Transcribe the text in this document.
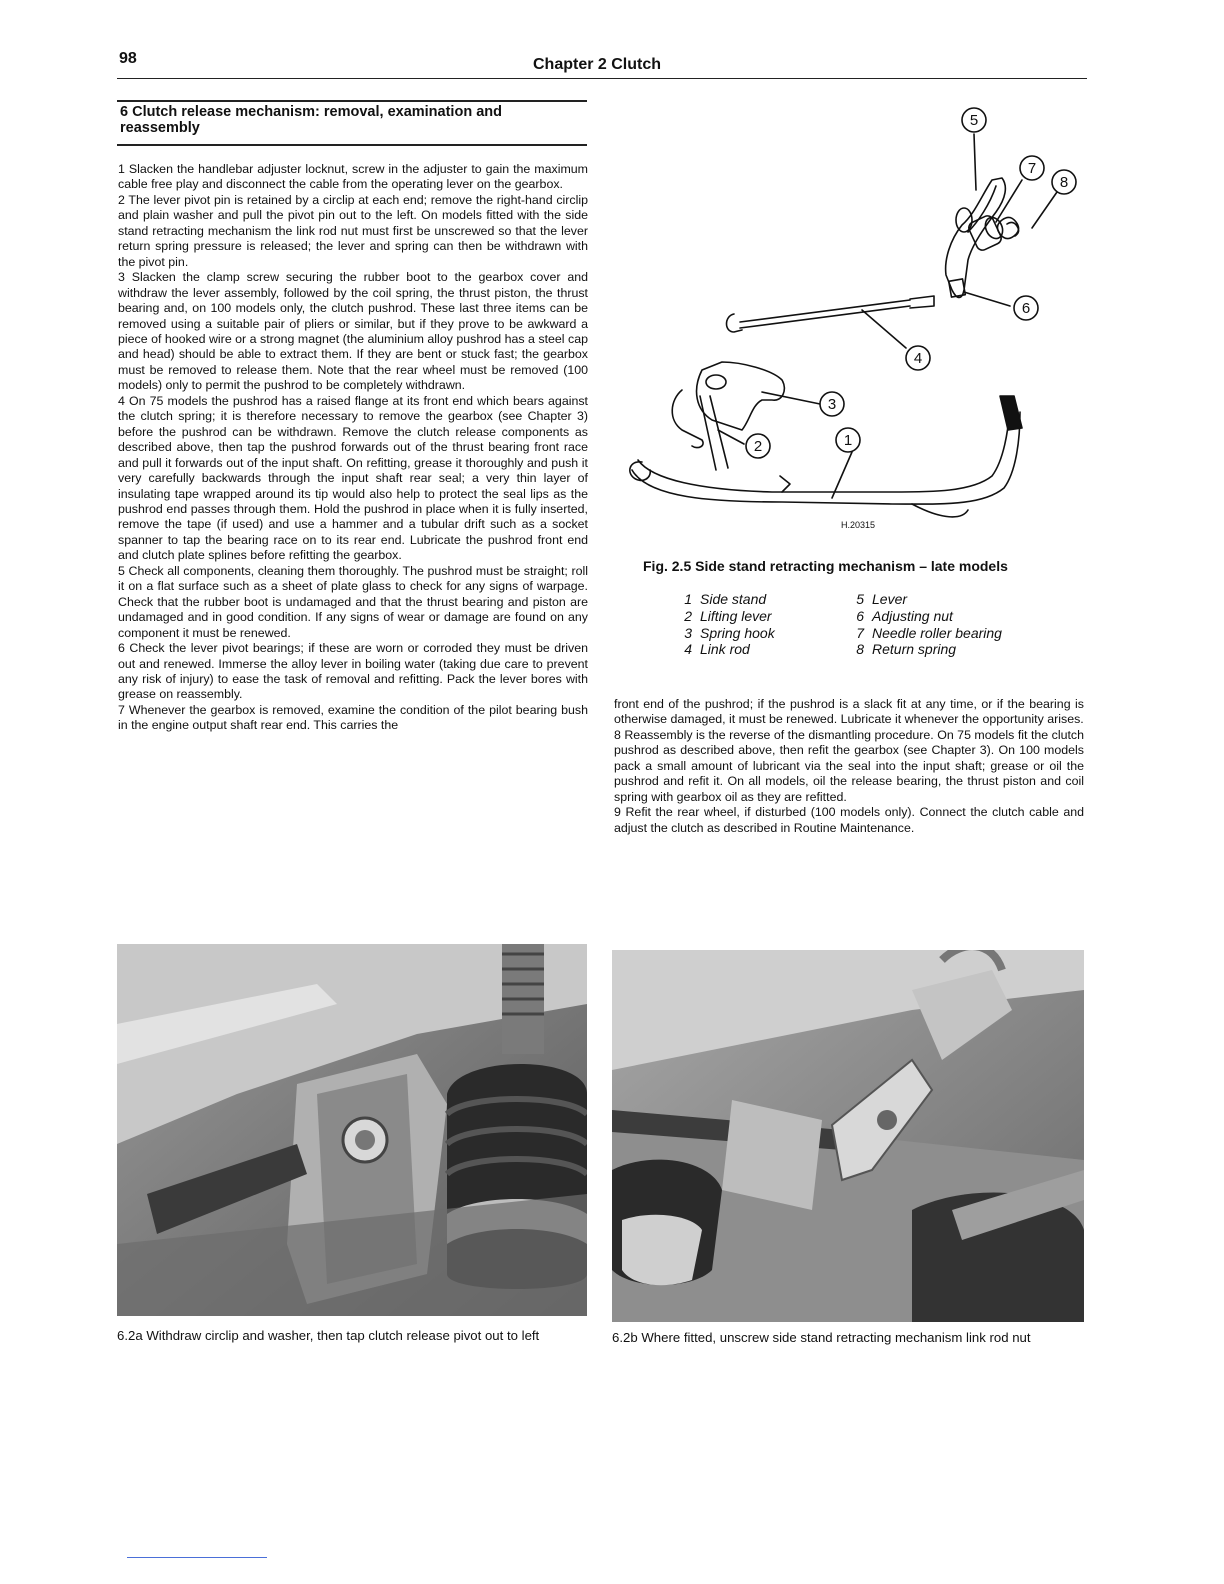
98	Chapter 2 Clutch
6 Clutch release mechanism: removal, examination and reassembly

1 Slacken the handlebar adjuster locknut, screw in the adjuster to gain the maximum cable free play and disconnect the cable from the operating lever on the gearbox.

2 The lever pivot pin is retained by a circlip at each end; remove the right-hand circlip and plain washer and pull the pivot pin out to the left. On models fitted with the side stand retracting mechanism the link rod nut must first be unscrewed so that the lever return spring pressure is released; the lever and spring can then be withdrawn with the pivot pin.

3 Slacken the clamp screw securing the rubber boot to the gearbox cover and withdraw the lever assembly, followed by the coil spring, the thrust piston, the thrust bearing and, on 100 models only, the clutch pushrod. These last three items can be removed using a suitable pair of pliers or similar, but if they prove to be awkward a piece of hooked wire or a strong magnet (the aluminium alloy pushrod has a steel cap and head) should be able to extract them. If they are bent or stuck fast; the gearbox must be removed to release them. Note that the rear wheel must be removed (100 models) only to permit the pushrod to be completely withdrawn.

4 On 75 models the pushrod has a raised flange at its front end which bears against the clutch spring; it is therefore necessary to remove the gearbox (see Chapter 3) before the pushrod can be withdrawn. Remove the clutch release components as described above, then tap the pushrod forwards out of the thrust bearing front race and pull it forwards out of the input shaft. On refitting, grease it thoroughly and push it very carefully backwards through the input shaft rear seal; a very thin layer of insulating tape wrapped around its tip would also help to protect the seal lips as the pushrod end passes through them. Hold the pushrod in place when it is fully inserted, remove the tape (if used) and use a hammer and a tubular drift such as a socket spanner to tap the bearing race on to its rear end. Lubricate the pushrod front end and clutch plate splines before refitting the gearbox.

5 Check all components, cleaning them thoroughly. The pushrod must be straight; roll it on a flat surface such as a sheet of plate glass to check for any signs of warpage. Check that the rubber boot is undamaged and that the thrust bearing and piston are undamaged and in good condition. If any signs of wear or damage are found on any component it must be renewed.

6 Check the lever pivot bearings; if these are worn or corroded they must be driven out and renewed. Immerse the alloy lever in boiling water (taking due care to prevent any risk of injury) to ease the task of removal and refitting. Pack the lever bores with grease on reassembly.

7 Whenever the gearbox is removed, examine the condition of the pilot bearing bush in the engine output shaft rear end. This carries the

5
7
8
6
4
3
2	1
H.20315
Fig. 2.5 Side stand retracting mechanism – late models
1 Side stand
2 Lifting lever
3 Spring hook
4 Link rod
5 Lever
6 Adjusting nut
7 Needle roller bearing
8 Return spring

front end of the pushrod; if the pushrod is a slack fit at any time, or if the bearing is otherwise damaged, it must be renewed. Lubricate it whenever the opportunity arises.

8 Reassembly is the reverse of the dismantling procedure. On 75 models fit the clutch pushrod as described above, then refit the gearbox (see Chapter 3). On 100 models pack a small amount of lubricant via the seal into the input shaft; grease or oil the pushrod and refit it. On all models, oil the release bearing, the thrust piston and coil spring with gearbox oil as they are refitted.

9 Refit the rear wheel, if disturbed (100 models only). Connect the clutch cable and adjust the clutch as described in Routine Maintenance.

6.2a Withdraw circlip and washer, then tap clutch release pivot out to left	6.2b Where fitted, unscrew side stand retracting mechanism link rod nut
